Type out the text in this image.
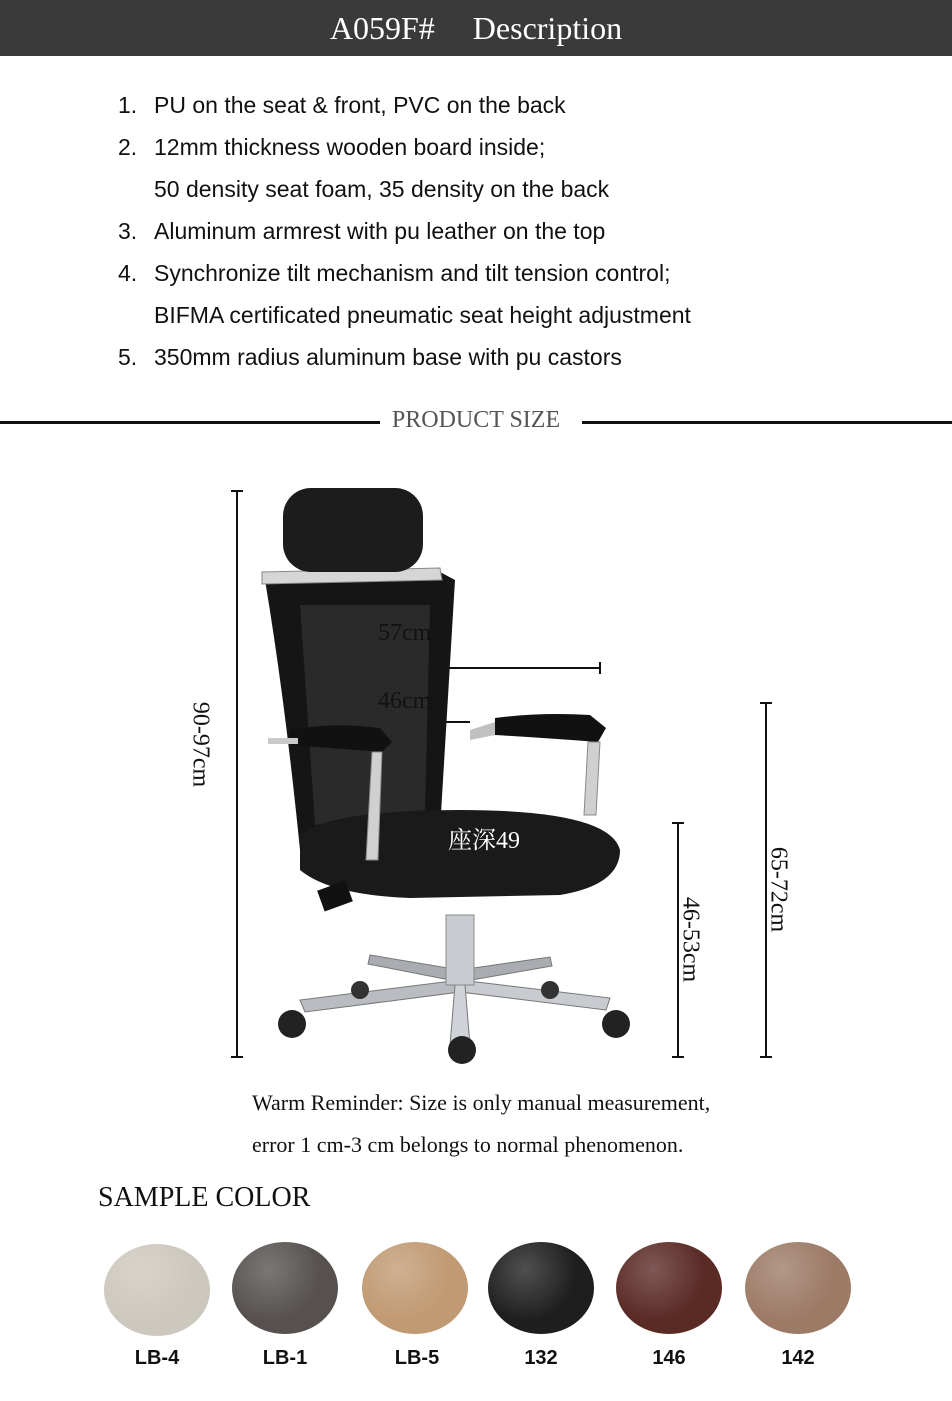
A059F# Description
1. PU on the seat & front, PVC on the back
2. 12mm thickness wooden board inside;
50 density seat foam, 35 density on the back
3. Aluminum armrest with pu leather on the top
4. Synchronize tilt mechanism and tilt tension control;
BIFMA certificated pneumatic seat height adjustment
5. 350mm radius aluminum base with pu castors
PRODUCT SIZE
57cm
46cm
座深49
90-97cm
46-53cm
65-72cm
Warm Reminder: Size is only manual measurement,
error 1 cm-3 cm belongs to normal phenomenon.
SAMPLE COLOR
LB-4	LB-1	LB-5	132	146	142
